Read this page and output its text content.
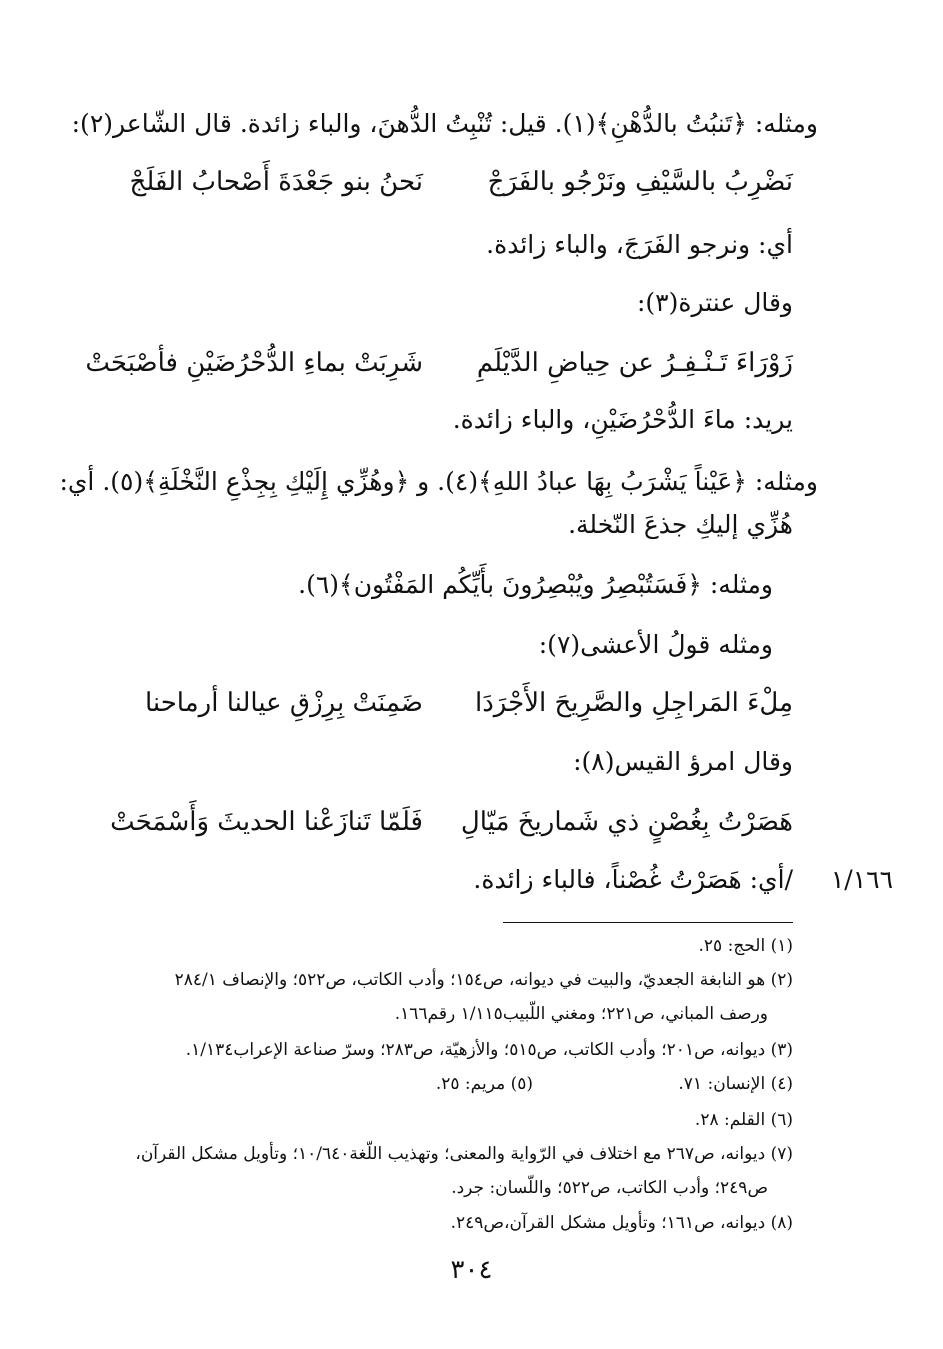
ومثله: ﴿تَنبُتُ بالدُّهْنِ﴾(١). قيل: تُنْبِتُ الدُّهنَ، والباء زائدة. قال الشّاعر(٢):
نَحنُ بنو جَعْدَةَ أَصْحابُ الفَلَجْ نَضْرِبُ بالسَّيْفِ ونَرْجُو بالفَرَجْ
أي: ونرجو الفَرَجَ، والباء زائدة.
وقال عنترة(٣):
شَرِبَتْ بماءِ الدُّحْرُضَيْنِ فأصْبَحَتْ زَوْرَاءَ تَـنْـفِـرُ عن حِياضِ الدَّيْلَمِ
يريد: ماءَ الدُّحْرُضَيْنِ، والباء زائدة.
ومثله: ﴿عَيْناً يَشْرَبُ بِهَا عبادُ اللهِ﴾(٤). و ﴿وهُزِّي إِلَيْكِ بِجِذْعِ النَّخْلَةِ﴾(٥). أي:
هُزِّي إليكِ جذعَ النّخلة.
ومثله: ﴿فَسَتُبْصِرُ ويُبْصِرُونَ بأَيِّكُم المَفْتُون﴾(٦).
ومثله قولُ الأعشى(٧):
ضَمِنَتْ بِرِزْقِ عيالنا أرماحنا مِلْءَ المَراجِلِ والصَّرِيحَ الأَجْرَدَا
وقال امرؤ القيس(٨):
فَلَمّا تَنازَعْنا الحديثَ وَأَسْمَحَتْ هَصَرْتُ بِغُصْنٍ ذي شَماريخَ مَيّالِ
/أي: هَصَرْتُ غُصْناً، فالباء زائدة. ١/١٦٦
(١) الحج: ٢٥.
(٢) هو النابغة الجعديّ، والبيت في ديوانه، ص١٥٤؛ وأدب الكاتب، ص٥٢٢؛ والإنصاف ٢٨٤/١
ورصف المباني، ص٢٢١؛ ومغني اللّبيب١/١١٥ رقم١٦٦.
(٣) ديوانه، ص٢٠١؛ وأدب الكاتب، ص٥١٥؛ والأزهيّة، ص٢٨٣؛ وسرّ صناعة الإعراب١/١٣٤.
(٤) الإنسان: ٧١.
(٥) مريم: ٢٥.
(٦) القلم: ٢٨.
(٧) ديوانه، ص٢٦٧ مع اختلاف في الرّواية والمعنى؛ وتهذيب اللّغة١٠/٦٤٠؛ وتأويل مشكل القرآن،
ص٢٤٩؛ وأدب الكاتب، ص٥٢٢؛ واللّسان: جرد.
(٨) ديوانه، ص١٦١؛ وتأويل مشكل القرآن،ص٢٤٩.
٣٠٤
